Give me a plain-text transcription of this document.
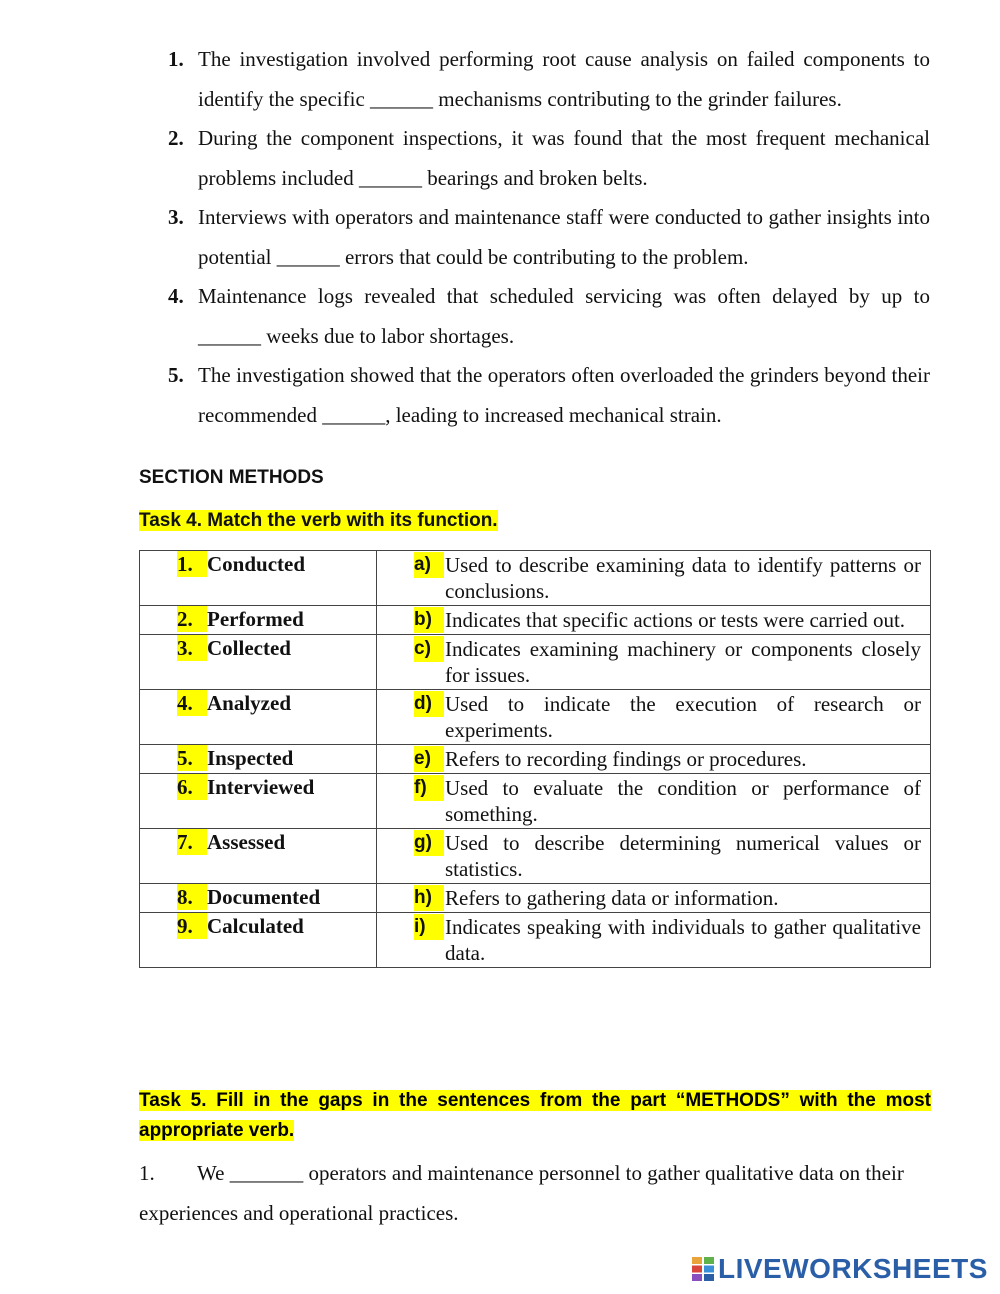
1. The investigation involved performing root cause analysis on failed components to identify the specific ______ mechanisms contributing to the grinder failures.
2. During the component inspections, it was found that the most frequent mechanical problems included ______ bearings and broken belts.
3. Interviews with operators and maintenance staff were conducted to gather insights into potential ______ errors that could be contributing to the problem.
4. Maintenance logs revealed that scheduled servicing was often delayed by up to ______ weeks due to labor shortages.
5. The investigation showed that the operators often overloaded the grinders beyond their recommended ______, leading to increased mechanical strain.
SECTION METHODS
Task 4. Match the verb with its function.
1. Conducted	a) Used to describe examining data to identify patterns or conclusions.

2. Performed	b) Indicates that specific actions or tests were carried out.

3. Collected	c) Indicates examining machinery or components closely for issues.

4. Analyzed	d) Used to indicate the execution of research or experiments.

5. Inspected	e) Refers to recording findings or procedures.

6. Interviewed	f) Used to evaluate the condition or performance of something.

7. Assessed	g) Used to describe determining numerical values or statistics.

8. Documented	h) Refers to gathering data or information.

9. Calculated	i) Indicates speaking with individuals to gather qualitative data.
Task 5. Fill in the gaps in the sentences from the part “METHODS” with the most appropriate verb.
1. We _______ operators and maintenance personnel to gather qualitative data on their experiences and operational practices.
LIVEWORKSHEETS
